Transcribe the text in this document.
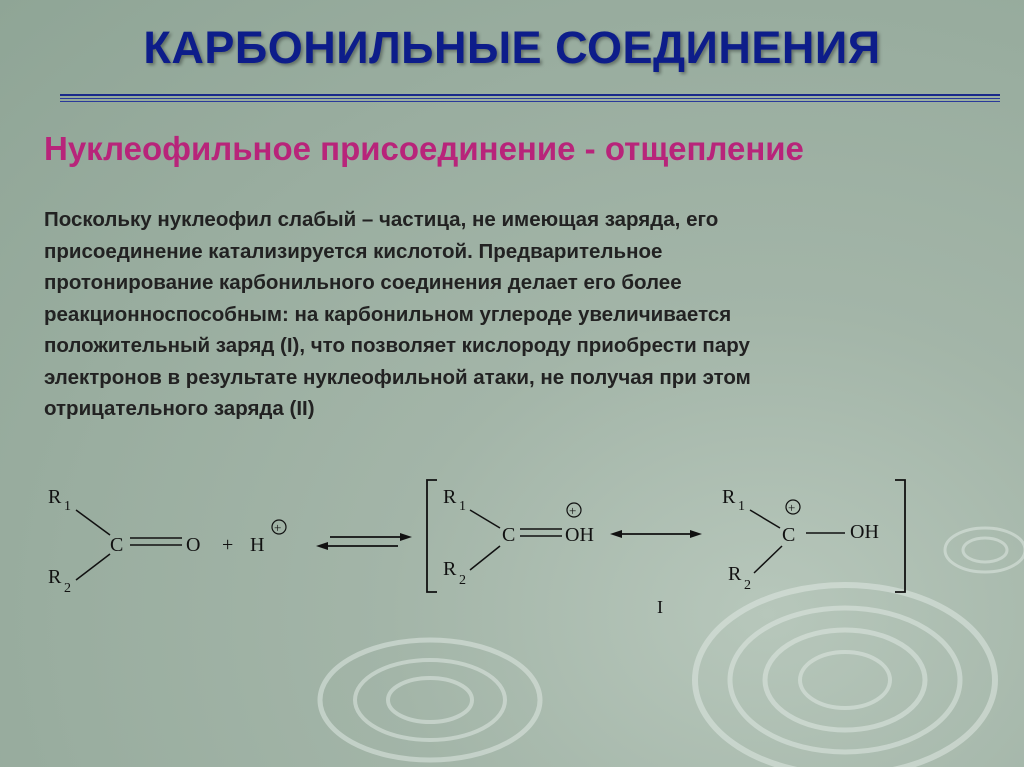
КАРБОНИЛЬНЫЕ СОЕДИНЕНИЯ
Нуклеофильное присоединение - отщепление
Поскольку нуклеофил слабый – частица, не имеющая заряда, его
присоединение катализируется кислотой. Предварительное
протонирование карбонильного соединения делает его более
реакционноспособным: на карбонильном углероде увеличивается
положительный заряд (I), что позволяет кислороду приобрести пару
электронов в результате нуклеофильной атаки, не получая при этом
отрицательного заряда (II)
R 1
R
2
C	O + H
+
R 1
R
2
C OH
+
R 1
R
2
C
+
OH
I
